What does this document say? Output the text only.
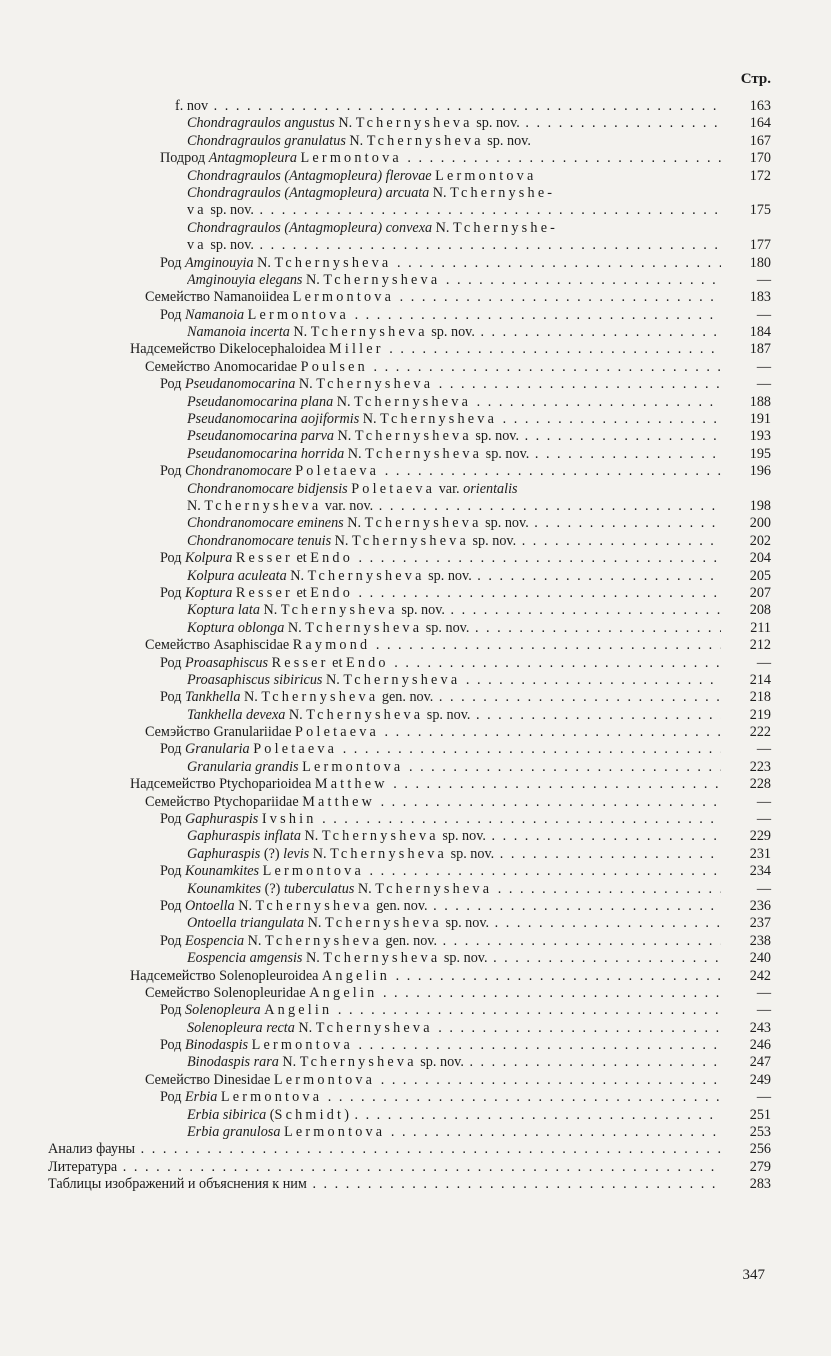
Стр.
f. nov . . .	163
Chondragraulos angustus N. Tchernysheva sp. nov. . . .	164
Chondragraulos granulatus N. Tchernysheva sp. nov.	167
Подрод Antagmopleura Lermontova . . .	170
Chondragraulos (Antagmopleura) flerovae Lermontova	172
Chondragraulos (Antagmopleura) arcuata N. Tchernyshe-
va sp. nov. . . .	175
Chondragraulos (Antagmopleura) convexa N. Tchernyshe-
va sp. nov. . . .	177
Род Amginouyia N. Tchernysheva . . .	180
Amginouyia elegans N. Tchernysheva . . .	—
Семейство Namanoiidea Lermontova . . .	183
Род Namanoia Lermontova . . .	—
Namanoia incerta N. Tchernysheva sp. nov. . . .	184
Надсемейство Dikelocephaloidea Miller . . .	187
Семейство Anomocaridae Poulsen . . .	—
Род Pseudanomocarina N. Tchernysheva . . .	—
Pseudanomocarina plana N. Tchernysheva . . .	188
Pseudanomocarina aojiformis N. Tchernysheva . . .	191
Pseudanomocarina parva N. Tchernysheva sp. nov. . . .	193
Pseudanomocarina horrida N. Tchernysheva sp. nov. . . .	195
Род Chondranomocare Poletaeva . . .	196
Chondranomocare bidjensis Poletaeva var. orientalis
N. Tchernysheva var. nov. . . .	198
Chondranomocare eminens N. Tchernysheva sp. nov. . . .	200
Chondranomocare tenuis N. Tchernysheva sp. nov. . . .	202
Род Kolpura Resser et Endo . . .	204
Kolpura aculeata N. Tchernysheva sp. nov. . . .	205
Род Koptura Resser et Endo . . .	207
Koptura lata N. Tchernysheva sp. nov. . . .	208
Koptura oblonga N. Tchernysheva sp. nov. . . .	211
Семейство Asaphiscidae Raymond . . .	212
Род Proasaphiscus Resser et Endo . . .	—
Proasaphiscus sibiricus N. Tchernysheva . . .	214
Род Tankhella N. Tchernysheva gen. nov. . . .	218
Tankhella devexa N. Tchernysheva sp. nov. . . .	219
Семэйство Granulariidae Poletaeva . . .	222
Род Granularia Poletaeva . . .	—
Granularia grandis Lermontova . . .	223
Надсемейство Ptychoparioidea Matthew . . .	228
Семейство Ptychopariidae Matthew . . .	—
Род Gaphuraspis Ivshin . . .	—
Gaphuraspis inflata N. Tchernysheva sp. nov. . . .	229
Gaphuraspis (?) levis N. Tchernysheva sp. nov. . . .	231
Род Kounamkites Lermontova . . .	234
Kounamkites (?) tuberculatus N. Tchernysheva . . .	—
Род Ontoella N. Tchernysheva gen. nov. . . .	236
Ontoella triangulata N. Tchernysheva sp. nov. . . .	237
Род Eospencia N. Tchernysheva gen. nov. . . .	238
Eospencia amgensis N. Tchernysheva sp. nov. . . .	240
Надсемейство Solenopleuroidea Angelin . . .	242
Семейство Solenopleuridae Angelin . . .	—
Род Solenopleura Angelin . . .	—
Solenopleura recta N. Tchernysheva . . .	243
Род Binodaspis Lermontova . . .	246
Binodaspis rara N. Tchernysheva sp. nov. . . .	247
Семейство Dinesidae Lermontova . . .	249
Род Erbia Lermontova . . .	—
Erbia sibirica (Schmidt) . . .	251
Erbia granulosa Lermontova . . .	253
Анализ фауны . . .	256
Литература . . .	279
Таблицы изображений и объяснения к ним . . .	283
347
